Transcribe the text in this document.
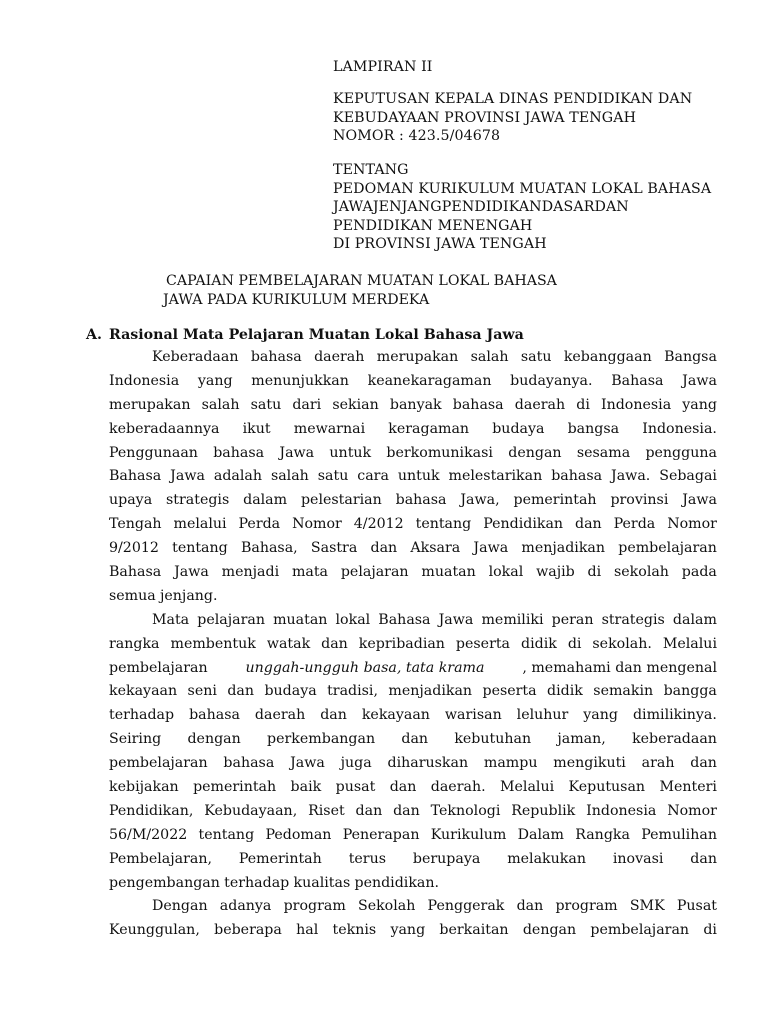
LAMPIRAN II
KEPUTUSAN KEPALA DINAS PENDIDIKAN DAN
KEBUDAYAAN PROVINSI JAWA TENGAH
NOMOR : 423.5/04678
TENTANG
PEDOMAN KURIKULUM MUATAN LOKAL BAHASA
JAWAJENJANGPENDIDIKANDASARDAN
PENDIDIKAN MENENGAH
DI PROVINSI JAWA TENGAH
CAPAIAN PEMBELAJARAN MUATAN LOKAL BAHASA
JAWA PADA KURIKULUM MERDEKA
A. Rasional Mata Pelajaran Muatan Lokal Bahasa Jawa
Keberadaan bahasa daerah merupakan salah satu kebanggaan Bangsa
Indonesia yang menunjukkan keanekaragaman budayanya. Bahasa Jawa
merupakan salah satu dari sekian banyak bahasa daerah di Indonesia yang
keberadaannya ikut mewarnai keragaman budaya bangsa Indonesia.
Penggunaan bahasa Jawa untuk berkomunikasi dengan sesama pengguna
Bahasa Jawa adalah salah satu cara untuk melestarikan bahasa Jawa. Sebagai
upaya strategis dalam pelestarian bahasa Jawa, pemerintah provinsi Jawa
Tengah melalui Perda Nomor 4/2012 tentang Pendidikan dan Perda Nomor
9/2012 tentang Bahasa, Sastra dan Aksara Jawa menjadikan pembelajaran
Bahasa Jawa menjadi mata pelajaran muatan lokal wajib di sekolah pada
semua jenjang.
Mata pelajaran muatan lokal Bahasa Jawa memiliki peran strategis dalam
rangka membentuk watak dan kepribadian peserta didik di sekolah. Melalui
pembelajaran	unggah-ungguh basa, tata krama	, memahami dan mengenal
kekayaan seni dan budaya tradisi, menjadikan peserta didik semakin bangga
terhadap bahasa daerah dan kekayaan warisan leluhur yang dimilikinya.
Seiring dengan perkembangan dan kebutuhan jaman, keberadaan
pembelajaran bahasa Jawa juga diharuskan mampu mengikuti arah dan
kebijakan pemerintah baik pusat dan daerah. Melalui Keputusan Menteri
Pendidikan, Kebudayaan, Riset dan dan Teknologi Republik Indonesia Nomor
56/M/2022 tentang Pedoman Penerapan Kurikulum Dalam Rangka Pemulihan
Pembelajaran, Pemerintah terus berupaya melakukan inovasi dan
pengembangan terhadap kualitas pendidikan.
Dengan adanya program Sekolah Penggerak dan program SMK Pusat
Keunggulan, beberapa hal teknis yang berkaitan dengan pembelajaran di
